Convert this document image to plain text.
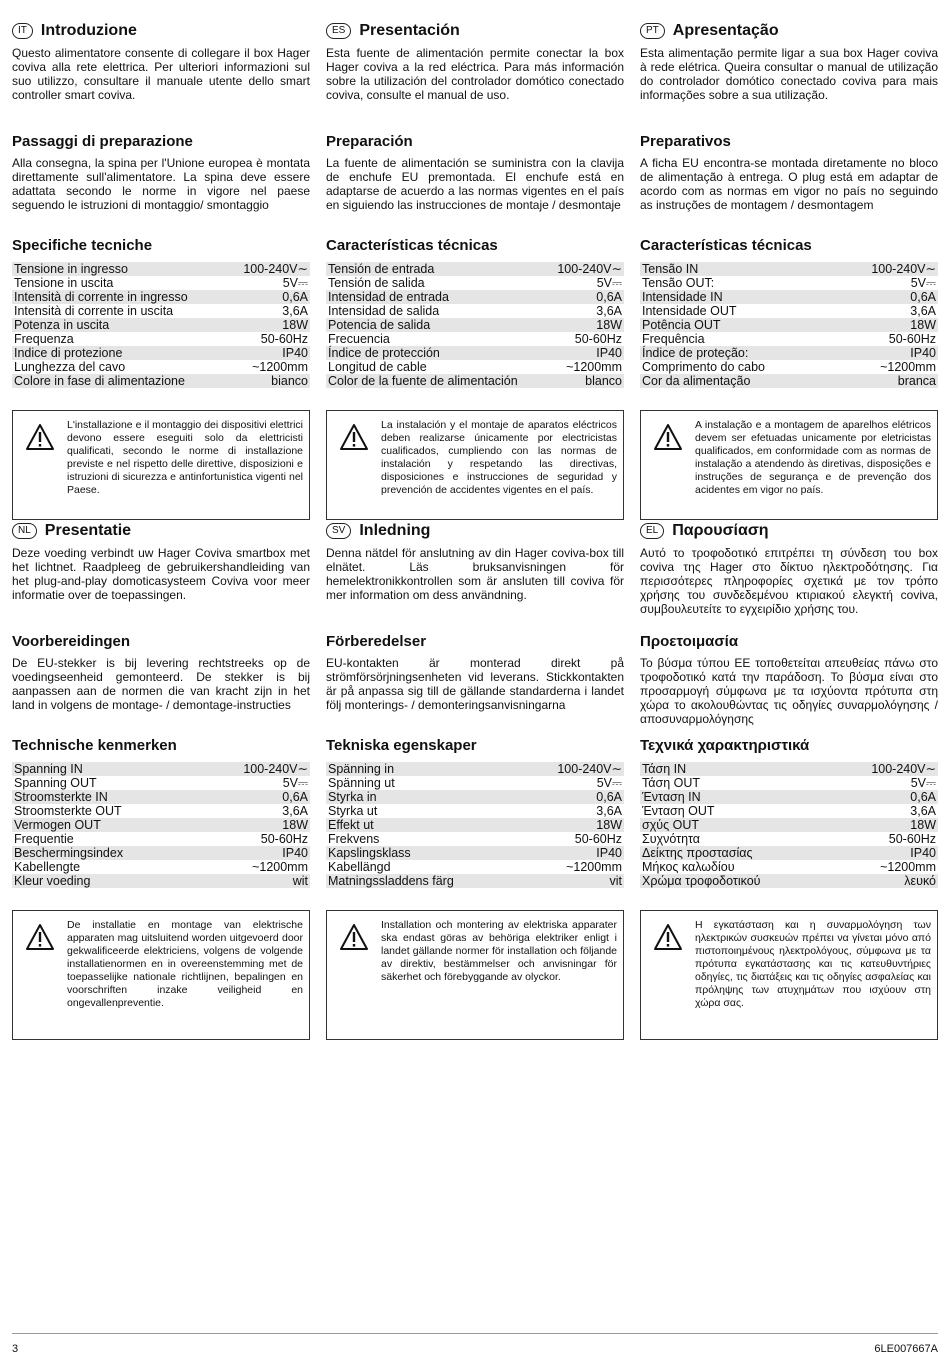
IT Introduzione

Questo alimentatore consente di collegare il box Hager coviva alla rete elettrica. Per ulteriori informazioni sul suo utilizzo, consultare il manuale utente dello smart controller smart coviva.

Passaggi di preparazione

Alla consegna, la spina per l'Unione europea è montata direttamente sull'alimentatore. La spina deve essere adattata secondo le norme in vigore nel paese seguendo le istruzioni di montaggio/ smontaggio

Specifiche tecniche
Tensione in ingresso	100-240V∼
Tensione in uscita	5V⎓
Intensità di corrente in ingresso	0,6A
Intensità di corrente in uscita	3,6A
Potenza in uscita	18W
Frequenza	50-60Hz
Indice di protezione	IP40
Lunghezza del cavo	~1200mm
Colore in fase di alimentazione	bianco
L'installazione e il montaggio dei dispositivi elettrici devono essere eseguiti solo da elettricisti qualificati, secondo le norme di installazione previste e nel rispetto delle direttive, disposizioni e istruzioni di sicurezza e antinfortunistica vigenti nel Paese.
ES Presentación

Esta fuente de alimentación permite conectar la box Hager coviva a la red eléctrica. Para más información sobre la utilización del controlador domótico conectado coviva, consulte el manual de uso.

Preparación

La fuente de alimentación se suministra con la clavija de enchufe EU premontada. El enchufe está en adaptarse de acuerdo a las normas vigentes en el país en siguiendo las instrucciones de montaje / desmontaje

Características técnicas
Tensión de entrada	100-240V∼
Tensión de salida	5V⎓
Intensidad de entrada	0,6A
Intensidad de salida	3,6A
Potencia de salida	18W
Frecuencia	50-60Hz
Índice de protección	IP40
Longitud de cable	~1200mm
Color de la fuente de alimentación	blanco
La instalación y el montaje de aparatos eléctricos deben realizarse únicamente por electricistas cualificados, cumpliendo con las normas de instalación y respetando las directivas, disposiciones e instrucciones de seguridad y prevención de accidentes vigentes en el país.
PT Apresentação

Esta alimentação permite ligar a sua box Hager coviva à rede elétrica. Queira consultar o manual de utilização do controlador domótico conectado coviva para mais informações sobre a sua utilização.

Preparativos

A ficha EU encontra-se montada diretamente no bloco de alimentação à entrega. O plug está em adaptar de acordo com as normas em vigor no país no seguindo as instruções de montagem / desmontagem

Características técnicas
Tensão IN	100-240V∼
Tensão OUT:	5V⎓
Intensidade IN	0,6A
Intensidade OUT	3,6A
Potência OUT	18W
Frequência	50-60Hz
Índice de proteção:	IP40
Comprimento do cabo	~1200mm
Cor da alimentação	branca
A instalação e a montagem de aparelhos elétricos devem ser efetuadas unicamente por eletricistas qualificados, em conformidade com as normas de instalação a atendendo às diretivas, disposições e instruções de segurança e de prevenção dos acidentes em vigor no país.
NL Presentatie

Deze voeding verbindt uw Hager Coviva smartbox met het lichtnet. Raadpleeg de gebruikershandleiding van het plug-and-play domoticasysteem Coviva voor meer informatie over de toepassingen.

Voorbereidingen

De EU-stekker is bij levering rechtstreeks op de voedingseenheid gemonteerd. De stekker is bij aanpassen aan de normen die van kracht zijn in het land in volgens de montage- / demontage-instructies

Technische kenmerken
Spanning IN	100-240V∼
Spanning OUT	5V⎓
Stroomsterkte IN	0,6A
Stroomsterkte OUT	3,6A
Vermogen OUT	18W
Frequentie	50-60Hz
Beschermingsindex	IP40
Kabellengte	~1200mm
Kleur voeding	wit
De installatie en montage van elektrische apparaten mag uitsluitend worden uitgevoerd door gekwalificeerde elektriciens, volgens de volgende installatienormen en in overeenstemming met de toepasselijke nationale richtlijnen, bepalingen en voorschriften inzake veiligheid en ongevallenpreventie.
SV Inledning

Denna nätdel för anslutning av din Hager coviva-box till elnätet. Läs bruksanvisningen för hemelektronikkontrollen som är ansluten till coviva för mer information om dess användning.

Förberedelser

EU-kontakten är monterad direkt på strömförsörjningsenheten vid leverans. Stickkontakten är på anpassa sig till de gällande standarderna i landet följ monterings- / demonteringsanvisningarna

Tekniska egenskaper
Spänning in	100-240V∼
Spänning ut	5V⎓
Styrka in	0,6A
Styrka ut	3,6A
Effekt ut	18W
Frekvens	50-60Hz
Kapslingsklass	IP40
Kabellängd	~1200mm
Matningssladdens färg	vit
Installation och montering av elektriska apparater ska endast göras av behöriga elektriker enligt i landet gällande normer för installation och följande av direktiv, bestämmelser och anvisningar för säkerhet och förebyggande av olyckor.
EL Παρουσίαση

Αυτό το τροφοδοτικό επιτρέπει τη σύνδεση του box coviva της Hager στο δίκτυο ηλεκτροδότησης. Για περισσότερες πληροφορίες σχετικά με τον τρόπο χρήσης του συνδεδεμένου κτιριακού ελεγκτή coviva, συμβουλευτείτε το εγχειρίδιο χρήσης του.

Προετοιμασία

Το βύσμα τύπου ΕΕ τοποθετείται απευθείας πάνω στο τροφοδοτικό κατά την παράδοση. Το βύσμα είναι στο προσαρμογή σύμφωνα με τα ισχύοντα πρότυπα στη χώρα το ακολουθώντας τις οδηγίες συναρμολόγησης / αποσυναρμολόγησης

Τεχνικά χαρακτηριστικά
Τάση IN	100-240V∼
Τάση OUT	5V⎓
Ένταση IN	0,6A
Ένταση OUT	3,6A
σχύς OUT	18W
Συχνότητα	50-60Hz
Δείκτης προστασίας	IP40
Μήκος καλωδίου	~1200mm
Χρώμα τροφοδοτικού	λευκό
Η εγκατάσταση και η συναρμολόγηση των ηλεκτρικών συσκευών πρέπει να γίνεται μόνο από πιστοποιημένους ηλεκτρολόγους, σύμφωνα με τα πρότυπα εγκατάστασης και τις κατευθυντήριες οδηγίες, τις διατάξεις και τις οδηγίες ασφαλείας και πρόληψης των ατυχημάτων που ισχύουν στη χώρα σας.
3	6LE007667A
